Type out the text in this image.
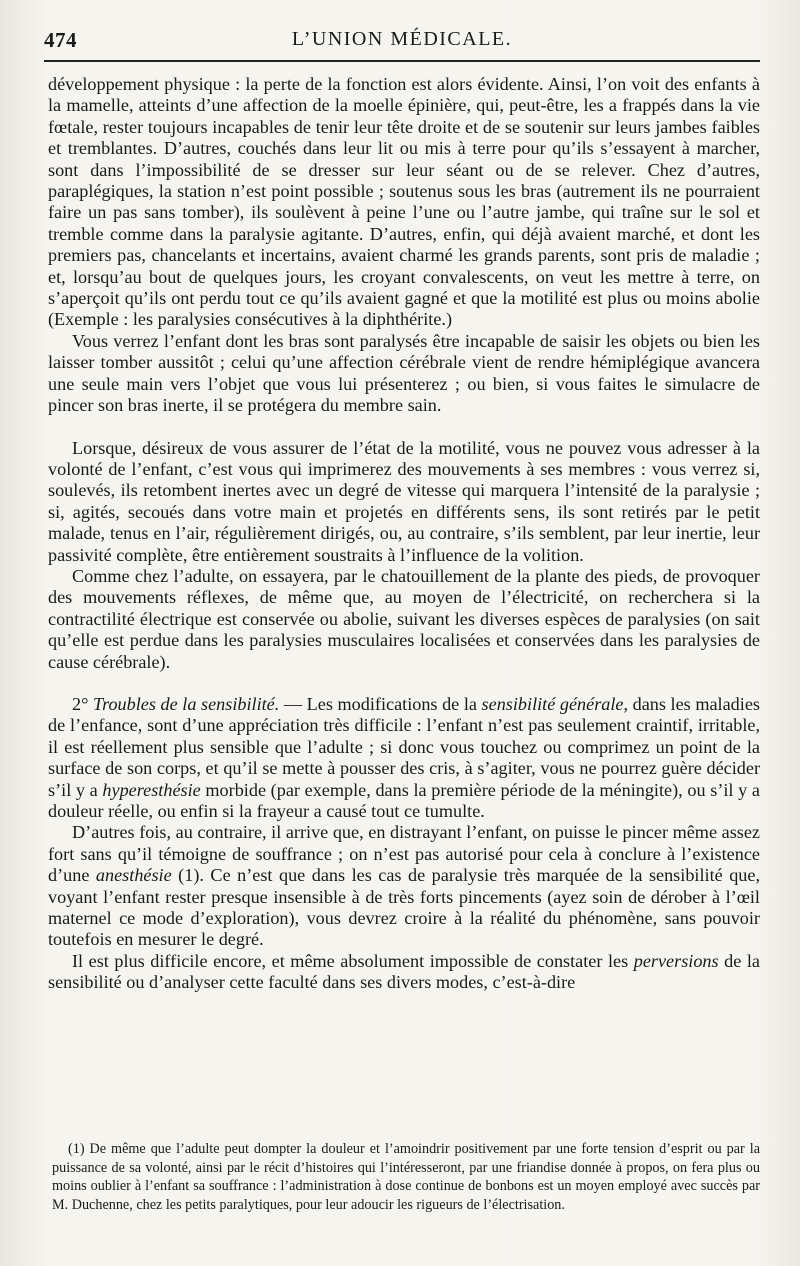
474	L’UNION MÉDICALE.

développement physique : la perte de la fonction est alors évidente. Ainsi, l’on voit des enfants à la mamelle, atteints d’une affection de la moelle épinière, qui, peut-être, les a frappés dans la vie fœtale, rester toujours incapables de tenir leur tête droite et de se soutenir sur leurs jambes faibles et tremblantes. D’autres, couchés dans leur lit ou mis à terre pour qu’ils s’essayent à marcher, sont dans l’impossibilité de se dresser sur leur séant ou de se relever. Chez d’autres, paraplégiques, la station n’est point possible ; soutenus sous les bras (autrement ils ne pourraient faire un pas sans tomber), ils soulèvent à peine l’une ou l’autre jambe, qui traîne sur le sol et tremble comme dans la paralysie agitante. D’autres, enfin, qui déjà avaient marché, et dont les premiers pas, chancelants et incertains, avaient charmé les grands parents, sont pris de maladie ; et, lorsqu’au bout de quelques jours, les croyant convalescents, on veut les mettre à terre, on s’aperçoit qu’ils ont perdu tout ce qu’ils avaient gagné et que la motilité est plus ou moins abolie (Exemple : les paralysies consécutives à la diphthérite.)

Vous verrez l’enfant dont les bras sont paralysés être incapable de saisir les objets ou bien les laisser tomber aussitôt ; celui qu’une affection cérébrale vient de rendre hémiplégique avancera une seule main vers l’objet que vous lui présenterez ; ou bien, si vous faites le simulacre de pincer son bras inerte, il se protégera du membre sain.

Lorsque, désireux de vous assurer de l’état de la motilité, vous ne pouvez vous adresser à la volonté de l’enfant, c’est vous qui imprimerez des mouvements à ses membres : vous verrez si, soulevés, ils retombent inertes avec un degré de vitesse qui marquera l’intensité de la paralysie ; si, agités, secoués dans votre main et projetés en différents sens, ils sont retirés par le petit malade, tenus en l’air, régulièrement dirigés, ou, au contraire, s’ils semblent, par leur inertie, leur passivité complète, être entièrement soustraits à l’influence de la volition.

Comme chez l’adulte, on essayera, par le chatouillement de la plante des pieds, de provoquer des mouvements réflexes, de même que, au moyen de l’électricité, on recherchera si la contractilité électrique est conservée ou abolie, suivant les diverses espèces de paralysies (on sait qu’elle est perdue dans les paralysies musculaires localisées et conservées dans les paralysies de cause cérébrale).

2° Troubles de la sensibilité. — Les modifications de la sensibilité générale, dans les maladies de l’enfance, sont d’une appréciation très difficile : l’enfant n’est pas seulement craintif, irritable, il est réellement plus sensible que l’adulte ; si donc vous touchez ou comprimez un point de la surface de son corps, et qu’il se mette à pousser des cris, à s’agiter, vous ne pourrez guère décider s’il y a hyperesthésie morbide (par exemple, dans la première période de la méningite), ou s’il y a douleur réelle, ou enfin si la frayeur a causé tout ce tumulte.

D’autres fois, au contraire, il arrive que, en distrayant l’enfant, on puisse le pincer même assez fort sans qu’il témoigne de souffrance ; on n’est pas autorisé pour cela à conclure à l’existence d’une anesthésie (1). Ce n’est que dans les cas de paralysie très marquée de la sensibilité que, voyant l’enfant rester presque insensible à de très forts pincements (ayez soin de dérober à l’œil maternel ce mode d’exploration), vous devrez croire à la réalité du phénomène, sans pouvoir toutefois en mesurer le degré.

Il est plus difficile encore, et même absolument impossible de constater les perversions de la sensibilité ou d’analyser cette faculté dans ses divers modes, c’est-à-dire

(1) De même que l’adulte peut dompter la douleur et l’amoindrir positivement par une forte tension d’esprit ou par la puissance de sa volonté, ainsi par le récit d’histoires qui l’intéresseront, par une friandise donnée à propos, on fera plus ou moins oublier à l’enfant sa souffrance : l’administration à dose continue de bonbons est un moyen employé avec succès par M. Duchenne, chez les petits paralytiques, pour leur adoucir les rigueurs de l’électrisation.
